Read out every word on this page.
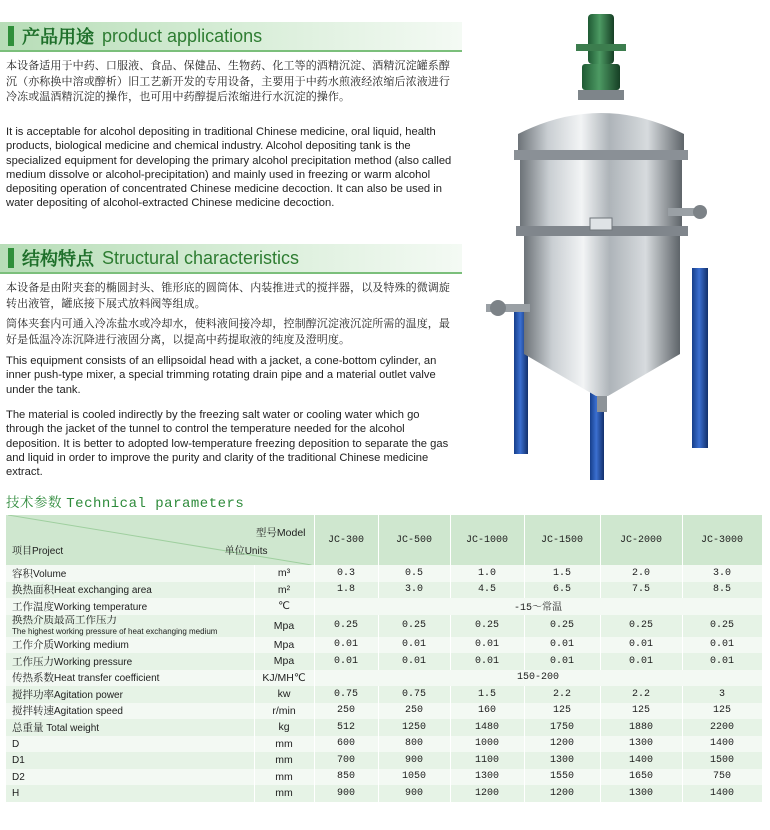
产品用途 product applications

本设备适用于中药、口服液、食品、保健品、生物药、化工等的酒精沉淀、酒精沉淀罐系醇沉（亦称换中溶或醇析）旧工艺新开发的专用设备，主要用于中药水煎液经浓缩后浓液进行冷冻或温酒精沉淀的操作，也可用中药醇提后浓缩进行水沉淀的操作。

It is acceptable for alcohol depositing in traditional Chinese medicine, oral liquid, health products, biological medicine and chemical industry. Alcohol depositing tank is the specialized equipment for developing the primary alcohol precipitation method (also called medium dissolve or alcohol-precipitation) and mainly used in freezing or warm alcohol depositing operation of concentrated Chinese medicine decoction. It can also be used in water depositing of alcohol-extracted Chinese medicine decoction.

结构特点 Structural characteristics

本设备是由附夹套的椭圆封头、锥形底的圆筒体、内装推进式的搅拌器，以及特殊的微调旋转出液管，罐底接下展式放料阀等组成。

筒体夹套内可通入冷冻盐水或冷却水，使料液间接冷却，控制醇沉淀液沉淀所需的温度，最好是低温冷冻沉降进行液固分离，以提高中药提取液的纯度及澄明度。

This equipment consists of an ellipsoidal head with a jacket, a cone-bottom cylinder, an inner push-type mixer, a special trimming rotating drain pipe and a material outlet valve under the tank.

The material is cooled indirectly by the freezing salt water or cooling water which go through the jacket of the tunnel to control the temperature needed for the alcohol deposition. It is better to adopted low-temperature freezing deposition to separate the gas and liquid in order to improve the purity and clarity of the traditional Chinese medicine extract.

技术参数 Technical parameters
型号Model
项目Project 单位Units		JC-300	JC-500	JC-1000	JC-1500	JC-2000	JC-3000
容积Volume	m³	0.3	0.5	1.0	1.5	2.0	3.0
换热面积Heat exchanging area	m²	1.8	3.0	4.5	6.5	7.5	8.5
工作温度Working temperature	℃	-15～常温					
换热介质最高工作压力
The highest working pressure of heat exchanging medium	Mpa	0.25	0.25	0.25	0.25	0.25	0.25
工作介质Working medium	Mpa	0.01	0.01	0.01	0.01	0.01	0.01
工作压力Working pressure	Mpa	0.01	0.01	0.01	0.01	0.01	0.01
传热系数Heat transfer coefficient	KJ/MH℃	150-200					
搅拌功率Agitation power	kw	0.75	0.75	1.5	2.2	2.2	3
搅拌转速Agitation speed	r/min	250	250	160	125	125	125
总重量 Total weight	kg	512	1250	1480	1750	1880	2200
D	mm	600	800	1000	1200	1300	1400
D1	mm	700	900	1100	1300	1400	1500
D2	mm	850	1050	1300	1550	1650	750
H	mm	900	900	1200	1200	1300	1400
